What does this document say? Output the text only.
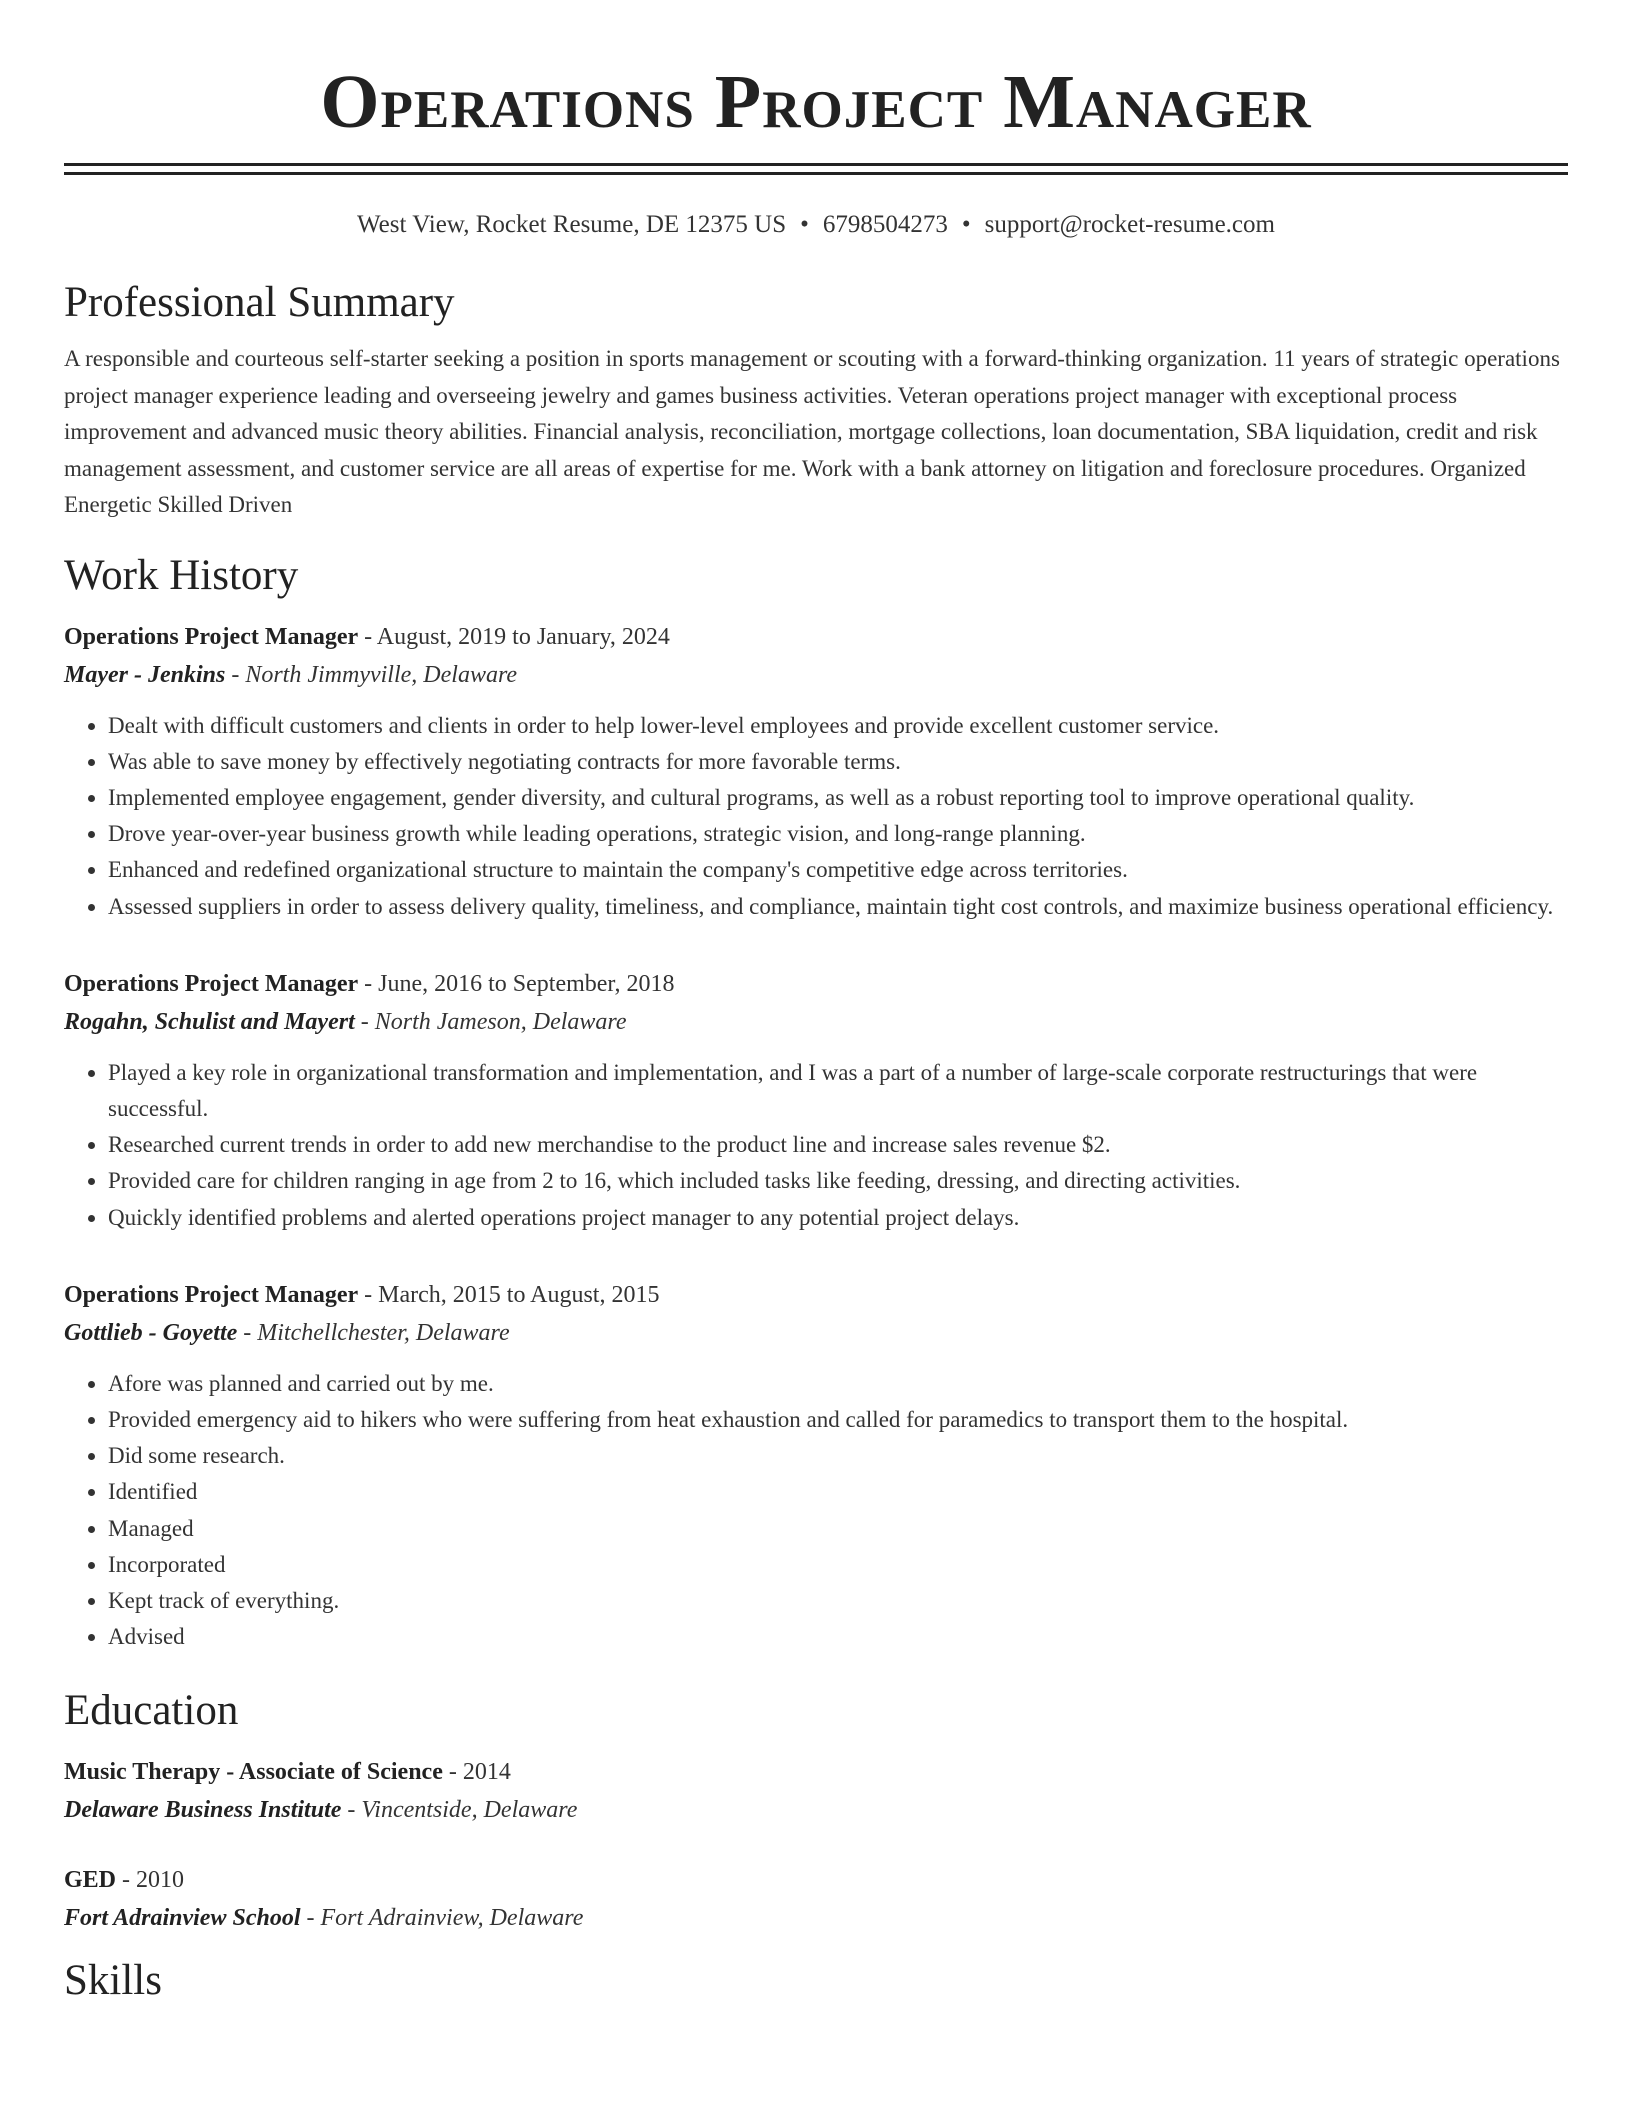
Operations Project Manager
West View, Rocket Resume, DE 12375 US • 6798504273 • support@rocket-resume.com
Professional Summary
A responsible and courteous self-starter seeking a position in sports management or scouting with a forward-thinking organization. 11 years of strategic operations project manager experience leading and overseeing jewelry and games business activities. Veteran operations project manager with exceptional process improvement and advanced music theory abilities. Financial analysis, reconciliation, mortgage collections, loan documentation, SBA liquidation, credit and risk management assessment, and customer service are all areas of expertise for me. Work with a bank attorney on litigation and foreclosure procedures. Organized Energetic Skilled Driven
Work History
Operations Project Manager - August, 2019 to January, 2024
Mayer - Jenkins - North Jimmyville, Delaware
• Dealt with difficult customers and clients in order to help lower-level employees and provide excellent customer service.
• Was able to save money by effectively negotiating contracts for more favorable terms.
• Implemented employee engagement, gender diversity, and cultural programs, as well as a robust reporting tool to improve operational quality.
• Drove year-over-year business growth while leading operations, strategic vision, and long-range planning.
• Enhanced and redefined organizational structure to maintain the company's competitive edge across territories.
• Assessed suppliers in order to assess delivery quality, timeliness, and compliance, maintain tight cost controls, and maximize business operational efficiency.
Operations Project Manager - June, 2016 to September, 2018
Rogahn, Schulist and Mayert - North Jameson, Delaware
• Played a key role in organizational transformation and implementation, and I was a part of a number of large-scale corporate restructurings that were successful.
• Researched current trends in order to add new merchandise to the product line and increase sales revenue $2.
• Provided care for children ranging in age from 2 to 16, which included tasks like feeding, dressing, and directing activities.
• Quickly identified problems and alerted operations project manager to any potential project delays.
Operations Project Manager - March, 2015 to August, 2015
Gottlieb - Goyette - Mitchellchester, Delaware
• Afore was planned and carried out by me.
• Provided emergency aid to hikers who were suffering from heat exhaustion and called for paramedics to transport them to the hospital.
• Did some research.
• Identified
• Managed
• Incorporated
• Kept track of everything.
• Advised
Education
Music Therapy - Associate of Science - 2014
Delaware Business Institute - Vincentside, Delaware
GED - 2010
Fort Adrainview School - Fort Adrainview, Delaware
Skills
